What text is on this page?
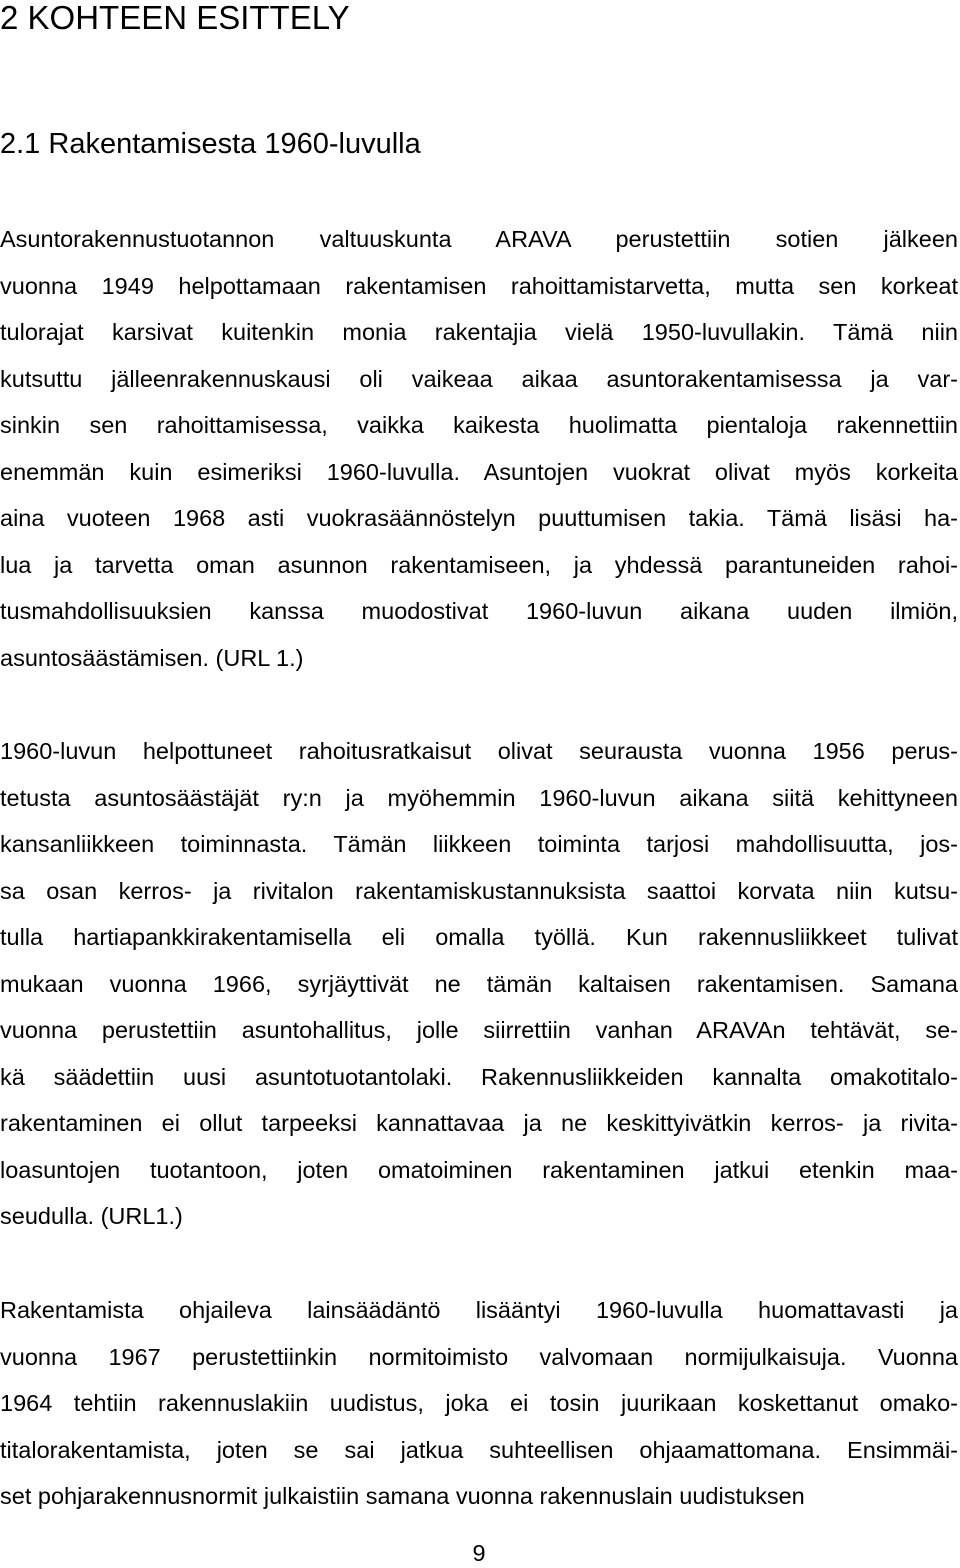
2 KOHTEEN ESITTELY
2.1 Rakentamisesta 1960-luvulla
Asuntorakennustuotannon valtuuskunta ARAVA perustettiin sotien jälkeen
vuonna 1949 helpottamaan rakentamisen rahoittamistarvetta, mutta sen korkeat
tulorajat karsivat kuitenkin monia rakentajia vielä 1950-luvullakin. Tämä niin
kutsuttu jälleenrakennuskausi oli vaikeaa aikaa asuntorakentamisessa ja var-
sinkin sen rahoittamisessa, vaikka kaikesta huolimatta pientaloja rakennettiin
enemmän kuin esimeriksi 1960-luvulla. Asuntojen vuokrat olivat myös korkeita
aina vuoteen 1968 asti vuokrasäännöstelyn puuttumisen takia. Tämä lisäsi ha-
lua ja tarvetta oman asunnon rakentamiseen, ja yhdessä parantuneiden rahoi-
tusmahdollisuuksien kanssa muodostivat 1960-luvun aikana uuden ilmiön,
asuntosäästämisen. (URL 1.)
1960-luvun helpottuneet rahoitusratkaisut olivat seurausta vuonna 1956 perus-
tetusta asuntosäästäjät ry:n ja myöhemmin 1960-luvun aikana siitä kehittyneen
kansanliikkeen toiminnasta. Tämän liikkeen toiminta tarjosi mahdollisuutta, jos-
sa osan kerros- ja rivitalon rakentamiskustannuksista saattoi korvata niin kutsu-
tulla hartiapankkirakentamisella eli omalla työllä. Kun rakennusliikkeet tulivat
mukaan vuonna 1966, syrjäyttivät ne tämän kaltaisen rakentamisen. Samana
vuonna perustettiin asuntohallitus, jolle siirrettiin vanhan ARAVAn tehtävät, se-
kä säädettiin uusi asuntotuotantolaki. Rakennusliikkeiden kannalta omakotitalo-
rakentaminen ei ollut tarpeeksi kannattavaa ja ne keskittyivätkin kerros- ja rivita-
loasuntojen tuotantoon, joten omatoiminen rakentaminen jatkui etenkin maa-
seudulla. (URL1.)
Rakentamista ohjaileva lainsäädäntö lisääntyi 1960-luvulla huomattavasti ja
vuonna 1967 perustettiinkin normitoimisto valvomaan normijulkaisuja. Vuonna
1964 tehtiin rakennuslakiin uudistus, joka ei tosin juurikaan koskettanut omako-
titalorakentamista, joten se sai jatkua suhteellisen ohjaamattomana. Ensimmäi-
set pohjarakennusnormit julkaistiin samana vuonna rakennuslain uudistuksen
9
